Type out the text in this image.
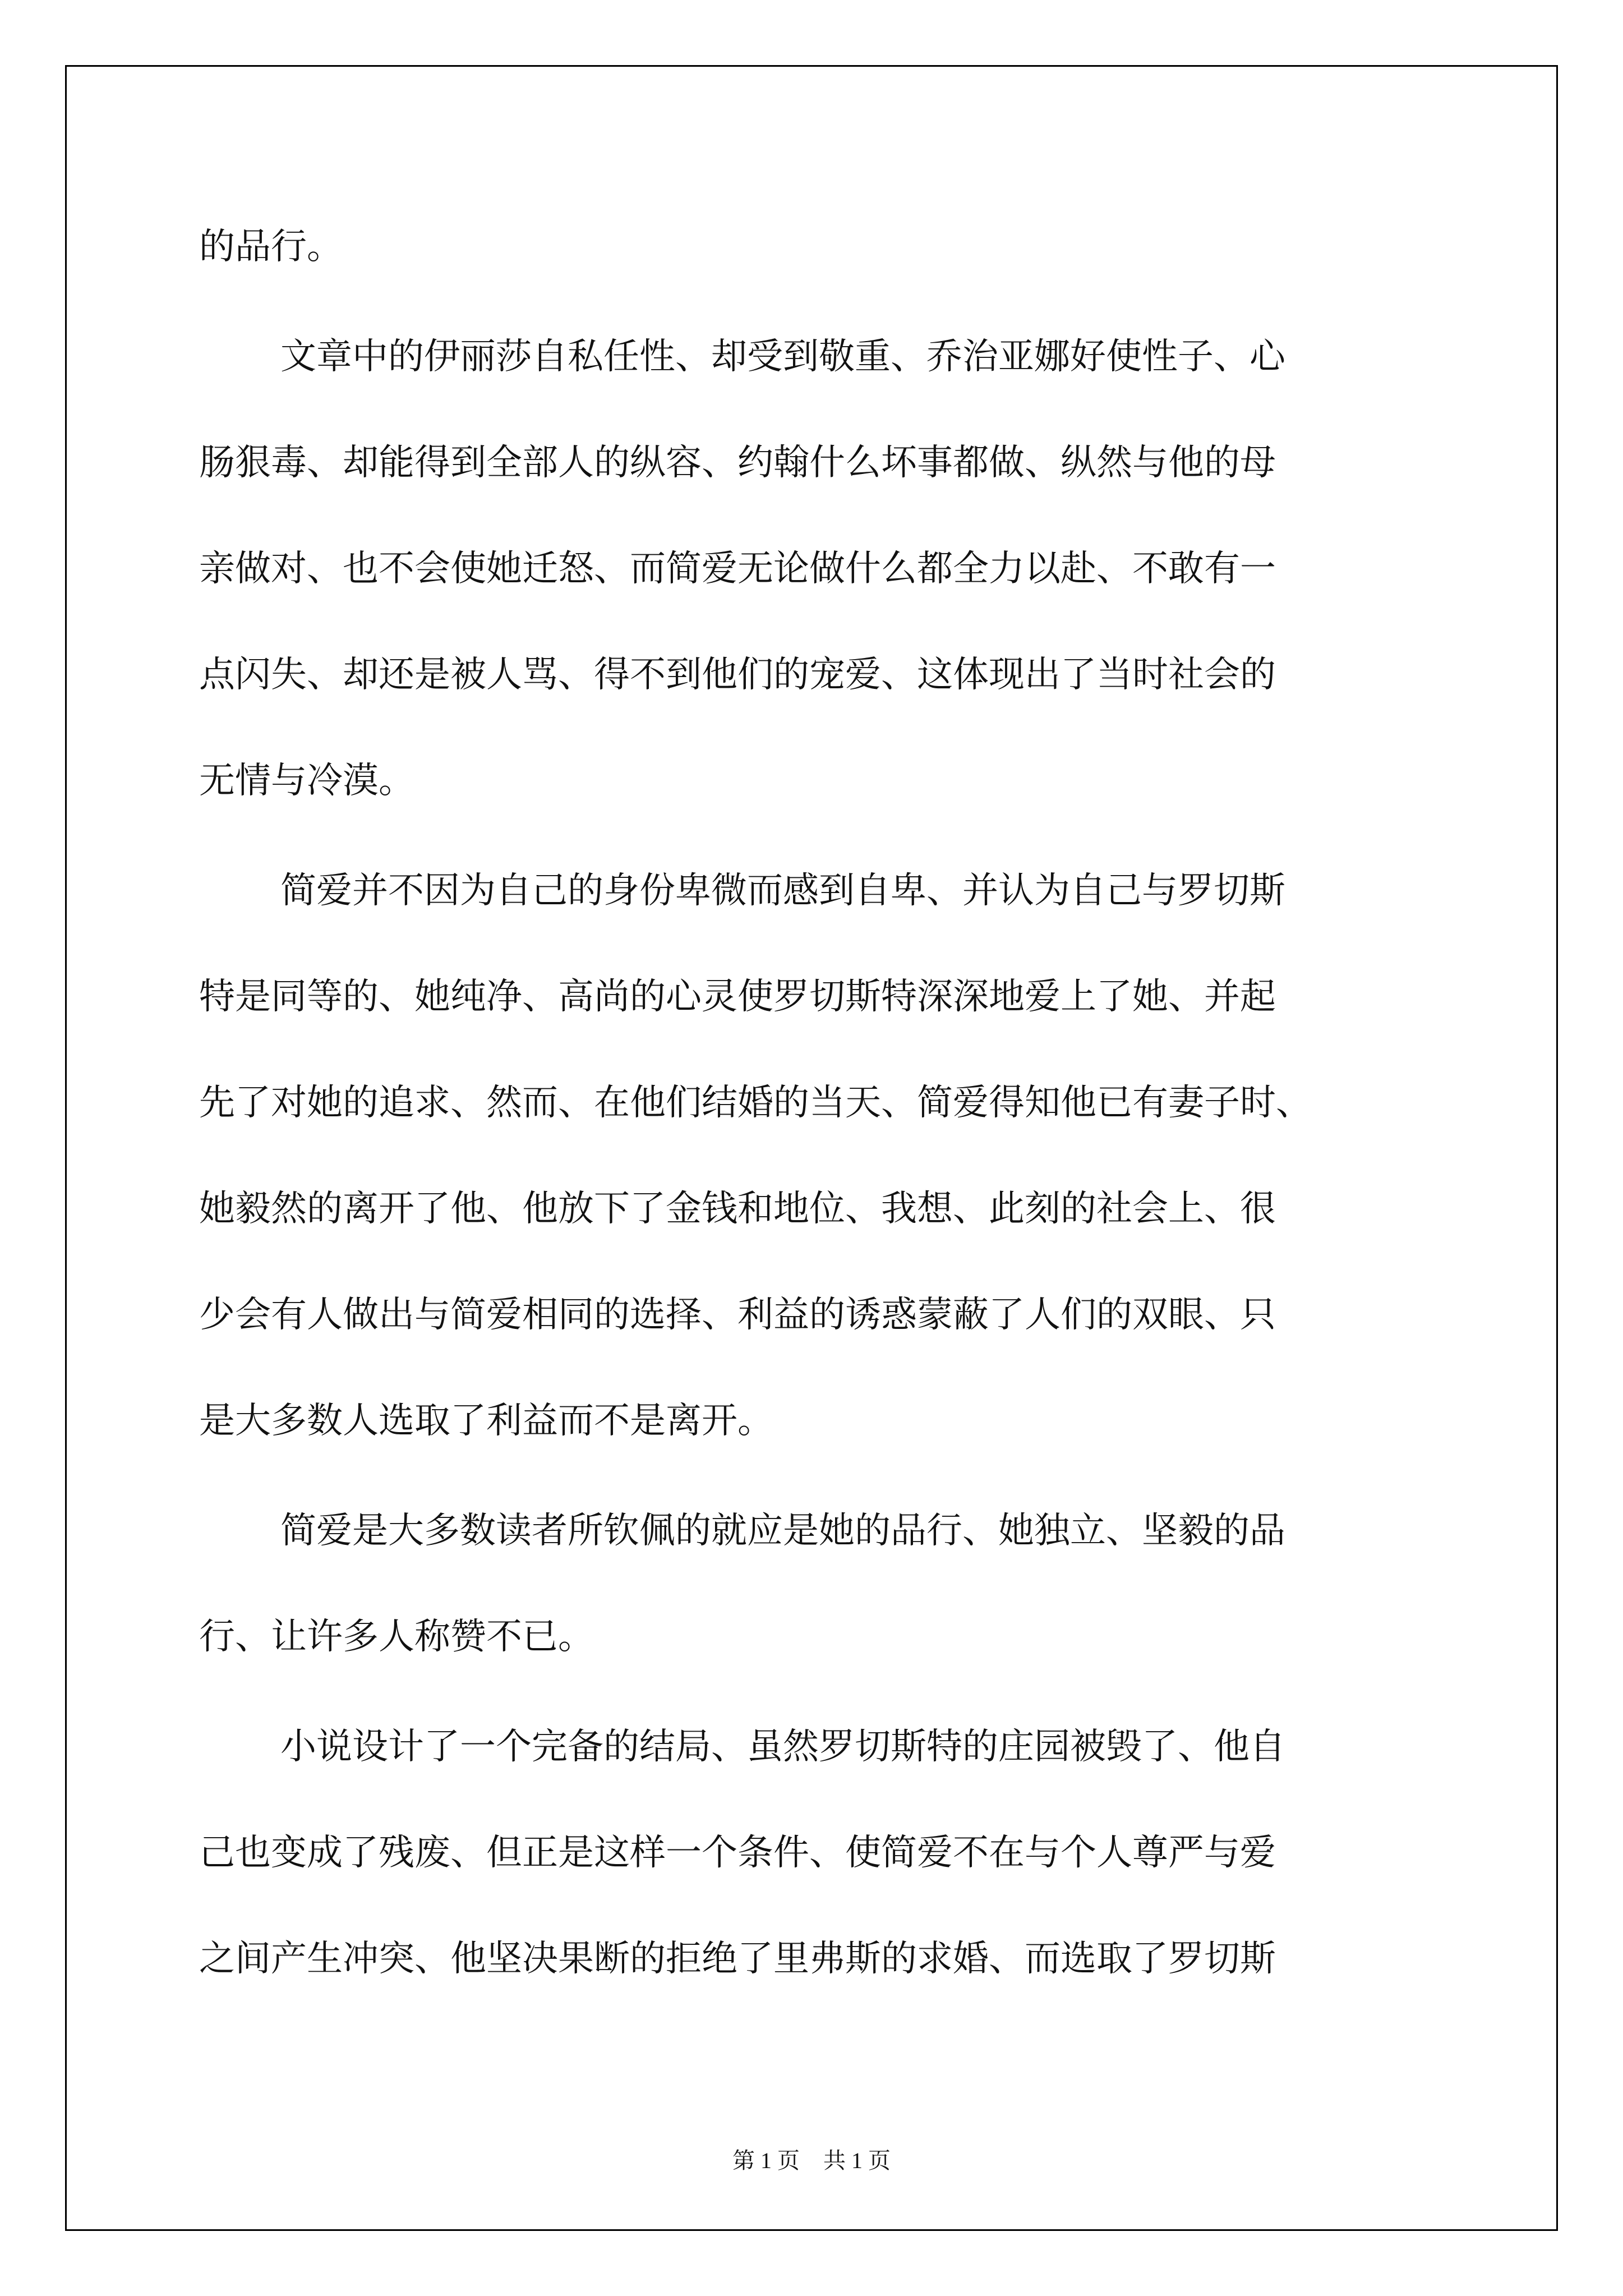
的品行。

文章中的伊丽莎自私任性、却受到敬重、乔治亚娜好使性子、心

肠狠毒、却能得到全部人的纵容、约翰什么坏事都做、纵然与他的母

亲做对、也不会使她迁怒、而简爱无论做什么都全力以赴、不敢有一

点闪失、却还是被人骂、得不到他们的宠爱、这体现出了当时社会的

无情与冷漠。

简爱并不因为自己的身份卑微而感到自卑、并认为自己与罗切斯

特是同等的、她纯净、高尚的心灵使罗切斯特深深地爱上了她、并起

先了对她的追求、然而、在他们结婚的当天、简爱得知他已有妻子时、

她毅然的离开了他、他放下了金钱和地位、我想、此刻的社会上、很

少会有人做出与简爱相同的选择、利益的诱惑蒙蔽了人们的双眼、只

是大多数人选取了利益而不是离开。

简爱是大多数读者所钦佩的就应是她的品行、她独立、坚毅的品

行、让许多人称赞不已。

小说设计了一个完备的结局、虽然罗切斯特的庄园被毁了、他自

己也变成了残废、但正是这样一个条件、使简爱不在与个人尊严与爱

之间产生冲突、他坚决果断的拒绝了里弗斯的求婚、而选取了罗切斯

第 1 页 共 1 页
